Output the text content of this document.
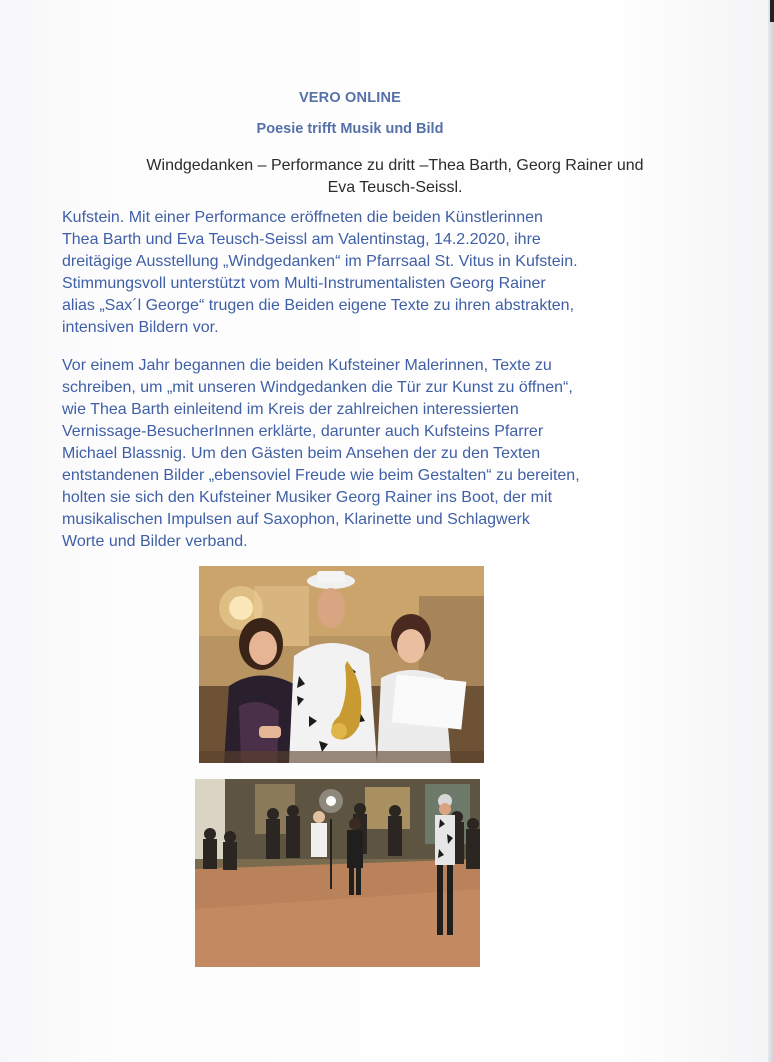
VERO ONLINE
Poesie trifft Musik und Bild
Windgedanken – Performance zu dritt –Thea Barth, Georg Rainer und Eva Teusch-Seissl.
Kufstein. Mit einer Performance eröffneten die beiden Künstlerinnen
Thea Barth und Eva Teusch-Seissl am Valentinstag, 14.2.2020, ihre
dreitägige Ausstellung „Windgedanken“ im Pfarrsaal St. Vitus in Kufstein.
Stimmungsvoll unterstützt vom Multi-Instrumentalisten Georg Rainer
alias „Sax´l George“ trugen die Beiden eigene Texte zu ihren abstrakten,
intensiven Bildern vor.
Vor einem Jahr begannen die beiden Kufsteiner Malerinnen, Texte zu
schreiben, um „mit unseren Windgedanken die Tür zur Kunst zu öffnen“,
wie Thea Barth einleitend im Kreis der zahlreichen interessierten
Vernissage-BesucherInnen erklärte, darunter auch Kufsteins Pfarrer
Michael Blassnig. Um den Gästen beim Ansehen der zu den Texten
entstandenen Bilder „ebensoviel Freude wie beim Gestalten“ zu bereiten,
holten sie sich den Kufsteiner Musiker Georg Rainer ins Boot, der mit
musikalischen Impulsen auf Saxophon, Klarinette und Schlagwerk
Worte und Bilder verband.
